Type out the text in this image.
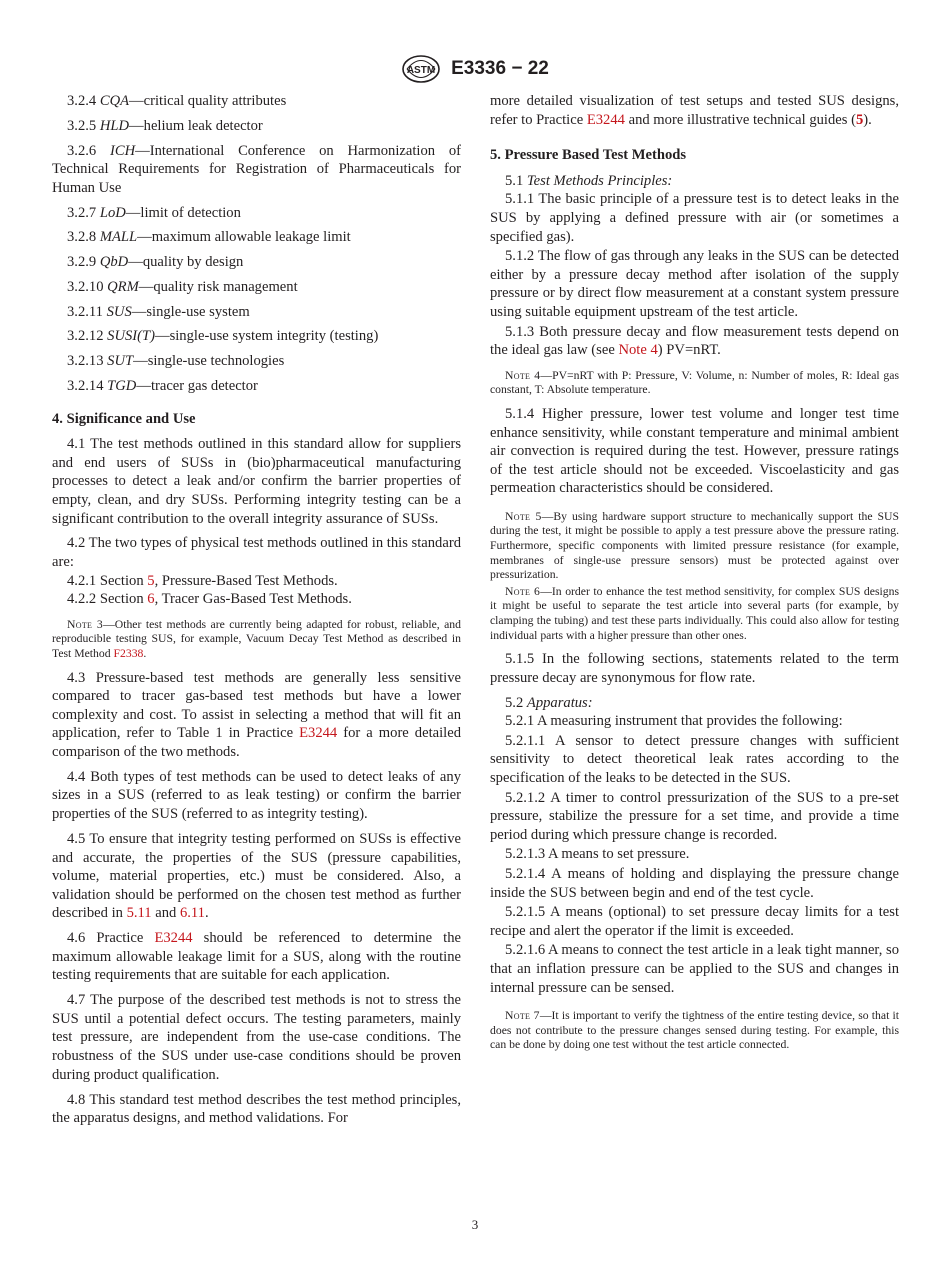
ASTM E3336 − 22

3.2.4 CQA—critical quality attributes

3.2.5 HLD—helium leak detector

3.2.6 ICH—International Conference on Harmonization of Technical Requirements for Registration of Pharmaceuticals for Human Use

3.2.7 LoD—limit of detection

3.2.8 MALL—maximum allowable leakage limit

3.2.9 QbD—quality by design

3.2.10 QRM—quality risk management

3.2.11 SUS—single-use system

3.2.12 SUSI(T)—single-use system integrity (testing)

3.2.13 SUT—single-use technologies

3.2.14 TGD—tracer gas detector

4. Significance and Use

4.1 The test methods outlined in this standard allow for suppliers and end users of SUSs in (bio)pharmaceutical manufacturing processes to detect a leak and/or confirm the barrier properties of empty, clean, and dry SUSs. Performing integrity testing can be a significant contribution to the overall integrity assurance of SUSs.

4.2 The two types of physical test methods outlined in this standard are:

4.2.1 Section 5, Pressure-Based Test Methods.

4.2.2 Section 6, Tracer Gas-Based Test Methods.

Note 3—Other test methods are currently being adapted for robust, reliable, and reproducible testing SUS, for example, Vacuum Decay Test Method as described in Test Method F2338.

4.3 Pressure-based test methods are generally less sensitive compared to tracer gas-based test methods but have a lower complexity and cost. To assist in selecting a method that will fit an application, refer to Table 1 in Practice E3244 for a more detailed comparison of the two methods.

4.4 Both types of test methods can be used to detect leaks of any sizes in a SUS (referred to as leak testing) or confirm the barrier properties of the SUS (referred to as integrity testing).

4.5 To ensure that integrity testing performed on SUSs is effective and accurate, the properties of the SUS (pressure capabilities, volume, material properties, etc.) must be considered. Also, a validation should be performed on the chosen test method as further described in 5.11 and 6.11.

4.6 Practice E3244 should be referenced to determine the maximum allowable leakage limit for a SUS, along with the routine testing requirements that are suitable for each application.

4.7 The purpose of the described test methods is not to stress the SUS until a potential defect occurs. The testing parameters, mainly test pressure, are independent from the use-case conditions. The robustness of the SUS under use-case conditions should be proven during product qualification.

4.8 This standard test method describes the test method principles, the apparatus designs, and method validations. For

more detailed visualization of test setups and tested SUS designs, refer to Practice E3244 and more illustrative technical guides (5).

5. Pressure Based Test Methods

5.1 Test Methods Principles:

5.1.1 The basic principle of a pressure test is to detect leaks in the SUS by applying a defined pressure with air (or sometimes a specified gas).

5.1.2 The flow of gas through any leaks in the SUS can be detected either by a pressure decay method after isolation of the supply pressure or by direct flow measurement at a constant system pressure using suitable equipment upstream of the test article.

5.1.3 Both pressure decay and flow measurement tests depend on the ideal gas law (see Note 4) PV=nRT.

Note 4—PV=nRT with P: Pressure, V: Volume, n: Number of moles, R: Ideal gas constant, T: Absolute temperature.

5.1.4 Higher pressure, lower test volume and longer test time enhance sensitivity, while constant temperature and minimal ambient air convection is required during the test. However, pressure ratings of the test article should not be exceeded. Viscoelasticity and gas permeation characteristics should be considered.

Note 5—By using hardware support structure to mechanically support the SUS during the test, it might be possible to apply a test pressure above the pressure rating. Furthermore, specific components with limited pressure resistance (for example, membranes of single-use pressure sensors) must be protected against over pressurization.

Note 6—In order to enhance the test method sensitivity, for complex SUS designs it might be useful to separate the test article into several parts (for example, by clamping the tubing) and test these parts individually. This could also allow for testing individual parts with a higher pressure than other ones.

5.1.5 In the following sections, statements related to the term pressure decay are synonymous for flow rate.

5.2 Apparatus:

5.2.1 A measuring instrument that provides the following:

5.2.1.1 A sensor to detect pressure changes with sufficient sensitivity to detect theoretical leak rates according to the specification of the leaks to be detected in the SUS.

5.2.1.2 A timer to control pressurization of the SUS to a pre-set pressure, stabilize the pressure for a set time, and provide a time period during which pressure change is recorded.

5.2.1.3 A means to set pressure.

5.2.1.4 A means of holding and displaying the pressure change inside the SUS between begin and end of the test cycle.

5.2.1.5 A means (optional) to set pressure decay limits for a test recipe and alert the operator if the limit is exceeded.

5.2.1.6 A means to connect the test article in a leak tight manner, so that an inflation pressure can be applied to the SUS and changes in internal pressure can be sensed.

Note 7—It is important to verify the tightness of the entire testing device, so that it does not contribute to the pressure changes sensed during testing. For example, this can be done by doing one test without the test article connected.

3
